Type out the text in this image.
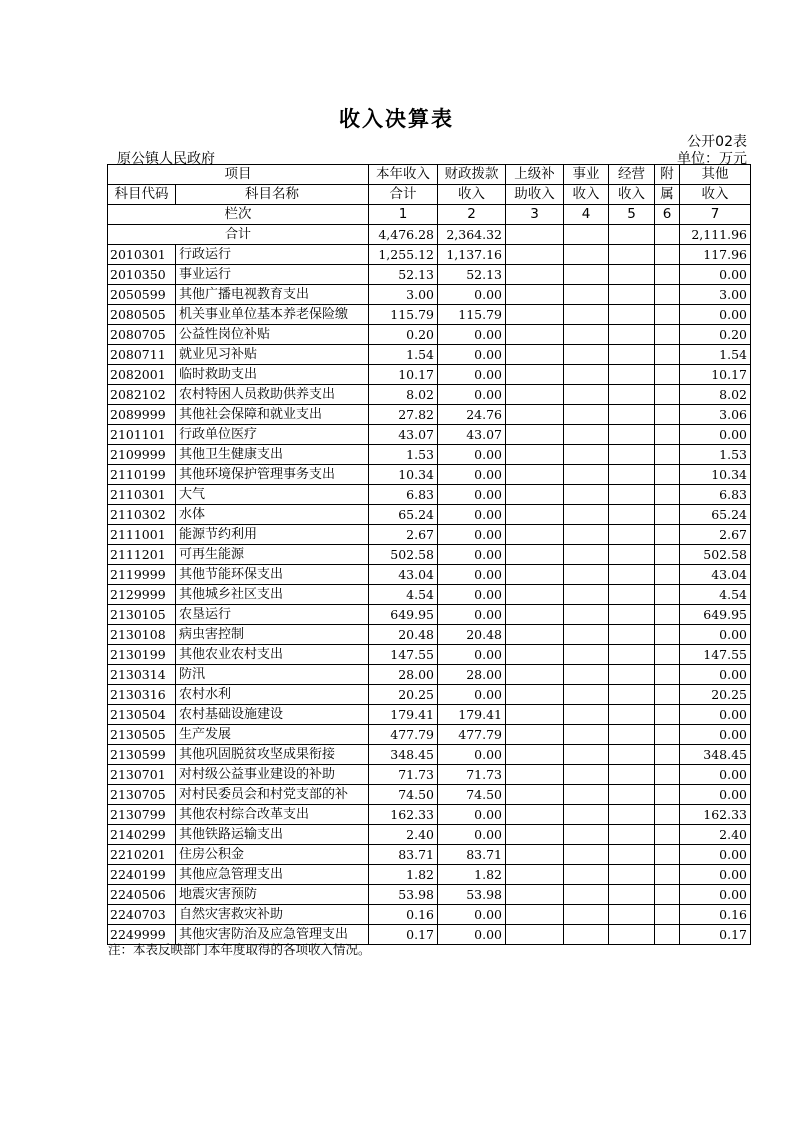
收入决算表
公开02表
原公镇人民政府	单位：万元
项目		本年收入	财政拨款	上级补	事业	经营	附	其他
科目代码	科目名称	合计	收入	助收入	收入	收入	属	收入
栏次		1	2	3	4	5	6	7
合计		4,476.28	2,364.32					2,111.96
2010301	行政运行	1,255.12	1,137.16					117.96
2010350	事业运行	52.13	52.13					0.00
2050599	其他广播电视教育支出	3.00	0.00					3.00
2080505	机关事业单位基本养老保险缴	115.79	115.79					0.00
2080705	公益性岗位补贴	0.20	0.00					0.20
2080711	就业见习补贴	1.54	0.00					1.54
2082001	临时救助支出	10.17	0.00					10.17
2082102	农村特困人员救助供养支出	8.02	0.00					8.02
2089999	其他社会保障和就业支出	27.82	24.76					3.06
2101101	行政单位医疗	43.07	43.07					0.00
2109999	其他卫生健康支出	1.53	0.00					1.53
2110199	其他环境保护管理事务支出	10.34	0.00					10.34
2110301	大气	6.83	0.00					6.83
2110302	水体	65.24	0.00					65.24
2111001	能源节约利用	2.67	0.00					2.67
2111201	可再生能源	502.58	0.00					502.58
2119999	其他节能环保支出	43.04	0.00					43.04
2129999	其他城乡社区支出	4.54	0.00					4.54
2130105	农垦运行	649.95	0.00					649.95
2130108	病虫害控制	20.48	20.48					0.00
2130199	其他农业农村支出	147.55	0.00					147.55
2130314	防汛	28.00	28.00					0.00
2130316	农村水利	20.25	0.00					20.25
2130504	农村基础设施建设	179.41	179.41					0.00
2130505	生产发展	477.79	477.79					0.00
2130599	其他巩固脱贫攻坚成果衔接	348.45	0.00					348.45
2130701	对村级公益事业建设的补助	71.73	71.73					0.00
2130705	对村民委员会和村党支部的补	74.50	74.50					0.00
2130799	其他农村综合改革支出	162.33	0.00					162.33
2140299	其他铁路运输支出	2.40	0.00					2.40
2210201	住房公积金	83.71	83.71					0.00
2240199	其他应急管理支出	1.82	1.82					0.00
2240506	地震灾害预防	53.98	53.98					0.00
2240703	自然灾害救灾补助	0.16	0.00					0.16
2249999	其他灾害防治及应急管理支出	0.17	0.00					0.17
注：本表反映部门本年度取得的各项收入情况。
